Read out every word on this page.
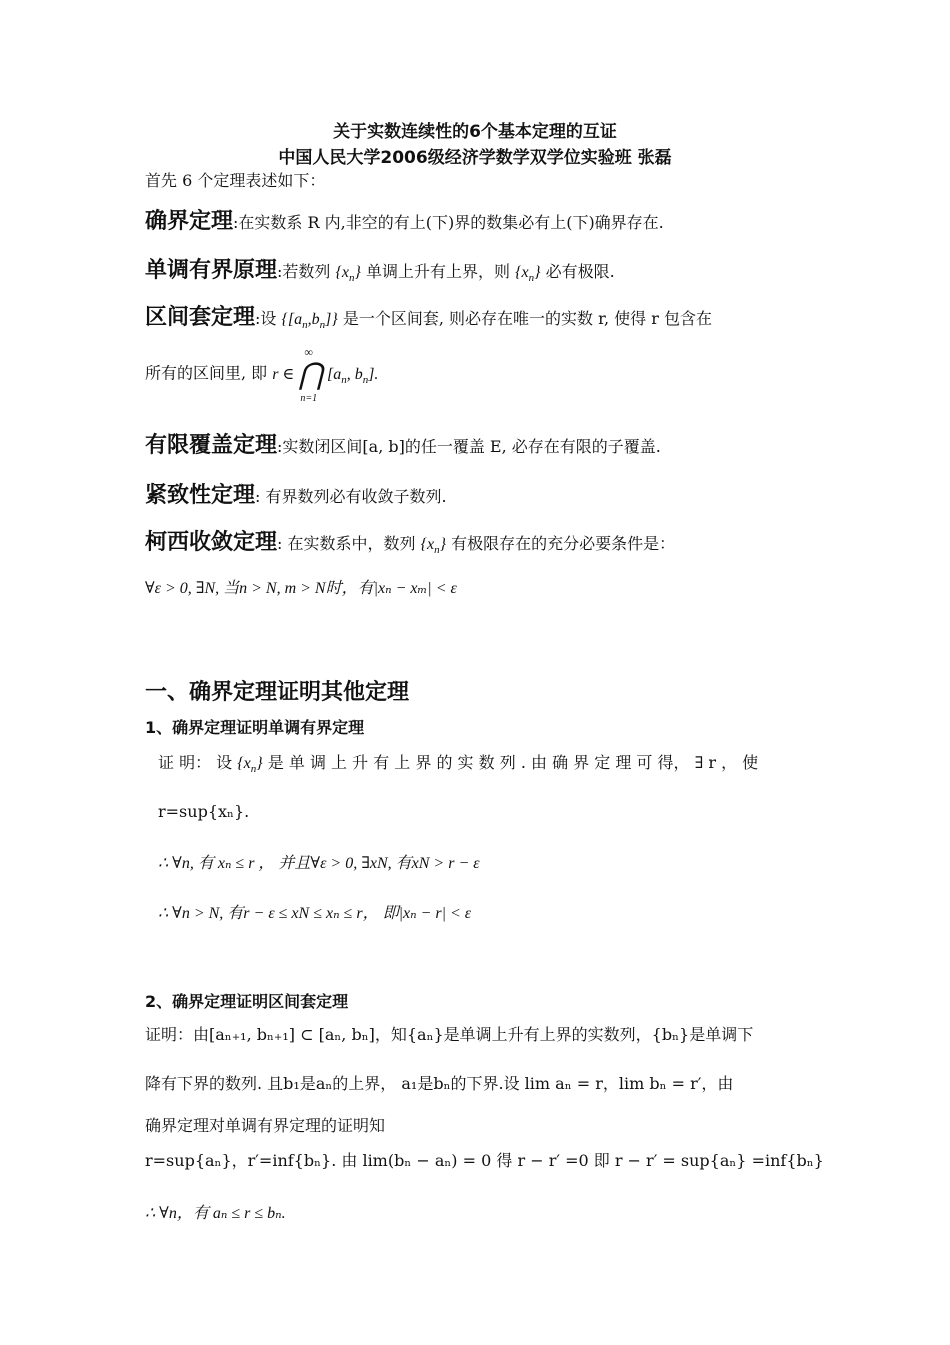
关于实数连续性的6个基本定理的互证
中国人民大学2006级经济学数学双学位实验班 张磊
首先 6 个定理表述如下：
确界定理:在实数系 R 内,非空的有上(下)界的数集必有上(下)确界存在.
单调有界原理:若数列 $\{x_n\}$ 单调上升有上界，则 $\{x_n\}$ 必有极限.
区间套定理:设 $\{[a_n,b_n]\}$ 是一个区间套, 则必存在唯一的实数 r, 使得 r 包含在
所有的区间里, 即 r ∈ ⋂
∞
n=1
[$a_n$, $b_n$].
有限覆盖定理:实数闭区间[a, b]的任一覆盖 E, 必存在有限的子覆盖.
紧致性定理: 有界数列必有收敛子数列.
柯西收敛定理: 在实数系中，数列 $\{x_n\}$ 有极限存在的充分必要条件是：
∀ε > 0, ∃N, 当n > N, m > N时，有|xₙ − xₘ| < ε
一、确界定理证明其他定理
1、确界定理证明单调有界定理
证 明： 设 $\{x_n\}$ 是 单 调 上 升 有 上 界 的 实 数 列 . 由 确 界 定 理 可 得， ∃ r ， 使
r=sup{xₙ}.
∴ ∀n, 有 xₙ ≤ r ， 并且∀ε > 0, ∃xN, 有xN > r − ε
∴ ∀n > N, 有r − ε ≤ xN ≤ xₙ ≤ r， 即|xₙ − r| < ε
2、确界定理证明区间套定理
证明：由[aₙ₊₁, bₙ₊₁] ⊂ [aₙ, bₙ]，知{aₙ}是单调上升有上界的实数列，{bₙ}是单调下
降有下界的数列. 且b₁是aₙ的上界， a₁是bₙ的下界.设 lim aₙ = r，lim bₙ = r′，由
确界定理对单调有界定理的证明知
r=sup{aₙ}，r′=inf{bₙ}. 由 lim(bₙ − aₙ) = 0 得 r − r′ =0 即 r − r′ = sup{aₙ} =inf{bₙ}
∴ ∀n，有 aₙ ≤ r ≤ bₙ.
